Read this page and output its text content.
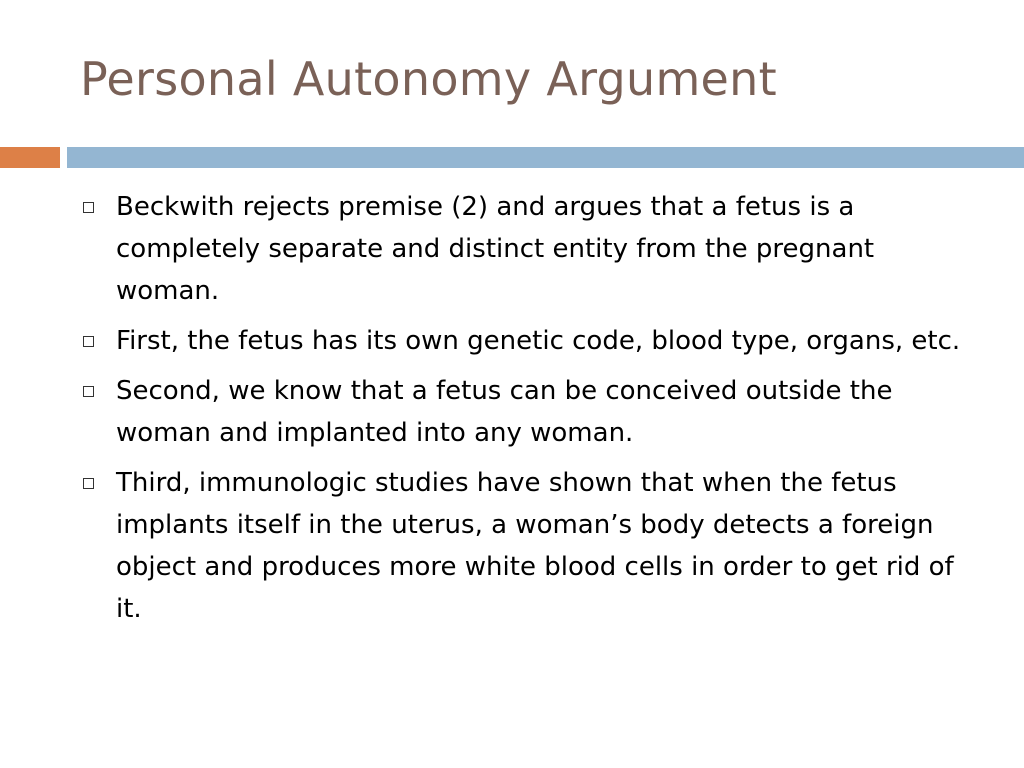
Personal Autonomy Argument
Beckwith rejects premise (2) and argues that a fetus is a completely separate and distinct entity from the pregnant woman.
First, the fetus has its own genetic code, blood type, organs, etc.
Second, we know that a fetus can be conceived outside the woman and implanted into any woman.
Third, immunologic studies have shown that when the fetus implants itself in the uterus, a woman’s body detects a foreign object and produces more white blood cells in order to get rid of it.
